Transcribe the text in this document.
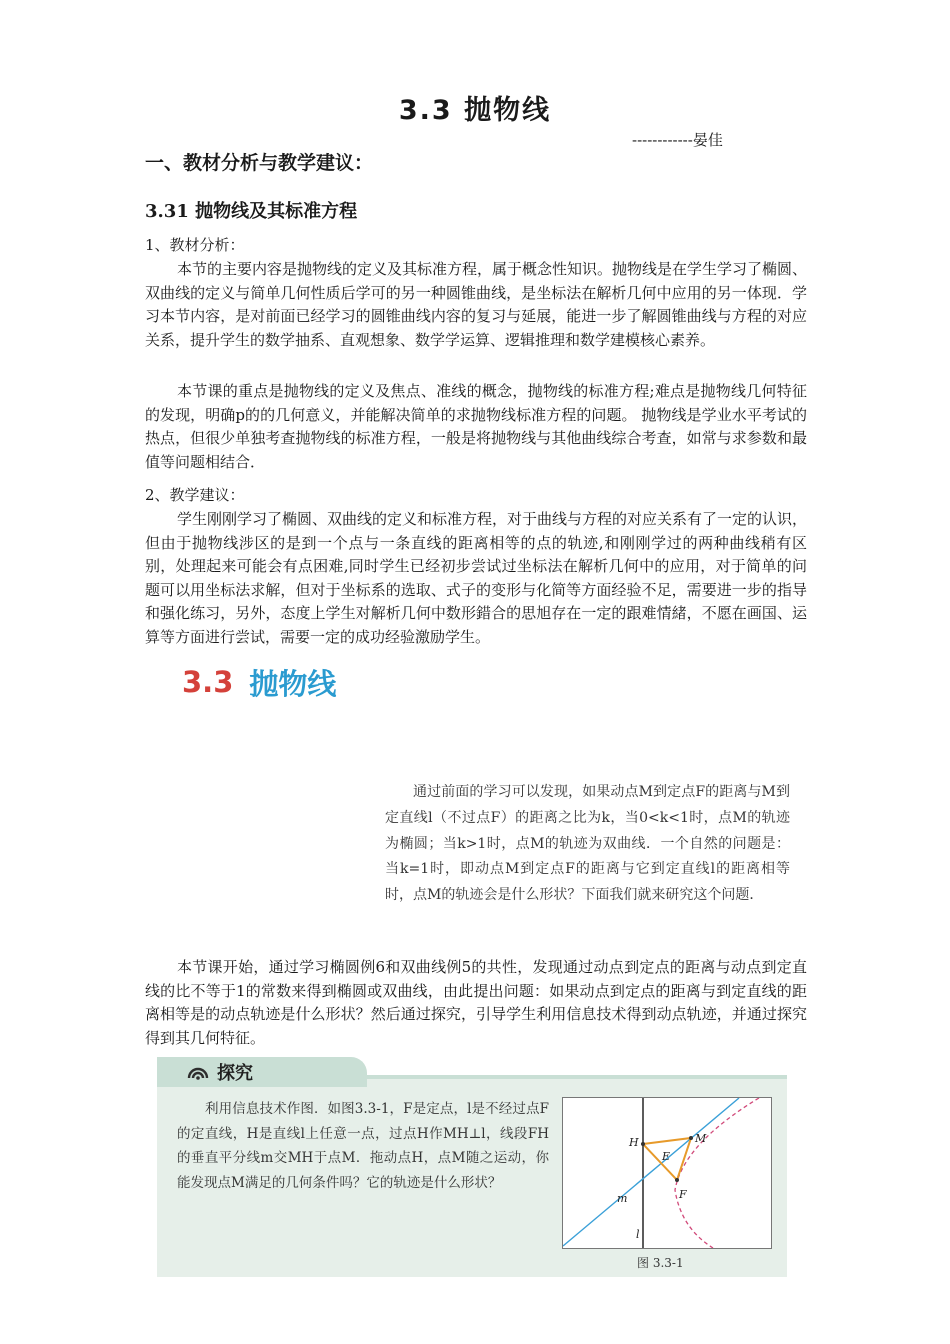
3.3 抛物线
------------晏佳
一、教材分析与教学建议：
3.31 抛物线及其标准方程
1、教材分析：
本节的主要内容是抛物线的定义及其标准方程，属于概念性知识。抛物线是在学生学习了椭圆、双曲线的定义与简单几何性质后学可的另一种圆锥曲线，是坐标法在解析几何中应用的另一体现．学习本节内容，是对前面已经学习的圆锥曲线内容的复习与延展，能进一步了解圆锥曲线与方程的对应关系，提升学生的数学抽系、直观想象、数学学运算、逻辑推理和数学建模核心素养。
本节课的重点是抛物线的定义及焦点、准线的概念，抛物线的标准方程;难点是抛物线几何特征的发现，明确p的的几何意义，并能解决简单的求抛物线标准方程的问题。 抛物线是学业水平考试的热点，但很少单独考查抛物线的标准方程，一般是将抛物线与其他曲线综合考查，如常与求参数和最值等问题相结合．
2、教学建议：
学生刚刚学习了椭圆、双曲线的定义和标准方程，对于曲线与方程的对应关系有了一定的认识，但由于抛物线涉区的是到一个点与一条直线的距离相等的点的轨迹,和刚刚学过的两种曲线稍有区别，处理起来可能会有点困难,同时学生已经初步尝试过坐标法在解析几何中的应用，对于简单的问题可以用坐标法求解，但对于坐标系的选取、式子的变形与化简等方面经验不足，需要进一步的指导和强化练习，另外，态度上学生对解析几何中数形錯合的思旭存在一定的跟难情緒，不愿在画国、运算等方面进行尝试，需要一定的成功经验激励学生。
3.3 抛物线
通过前面的学习可以发现，如果动点M到定点F的距离与M到定直线l（不过点F）的距离之比为k，当0<k<1时，点M的轨迹为椭圆；当k>1时，点M的轨迹为双曲线．一个自然的问题是：当k=1时，即动点M到定点F的距离与它到定直线l的距离相等时，点M的轨迹会是什么形状？下面我们就来研究这个问题．
本节课开始，通过学习椭圆例6和双曲线例5的共性，发现通过动点到定点的距离与动点到定直线的比不等于1的常数来得到椭圆或双曲线，由此提出问题：如果动点到定点的距离与到定直线的距离相等是的动点轨迹是什么形状？然后通过探究，引导学生利用信息技术得到动点轨迹，并通过探究得到其几何特征。
探究
利用信息技术作图．如图3.3-1，F是定点，l是不经过点F的定直线，H是直线l上任意一点，过点H作MH⊥l，线段FH的垂直平分线m交MH于点M．拖动点H，点M随之运动，你能发现点M满足的几何条件吗？它的轨迹是什么形状？
H	M
E
F
m
l
图 3.3-1
